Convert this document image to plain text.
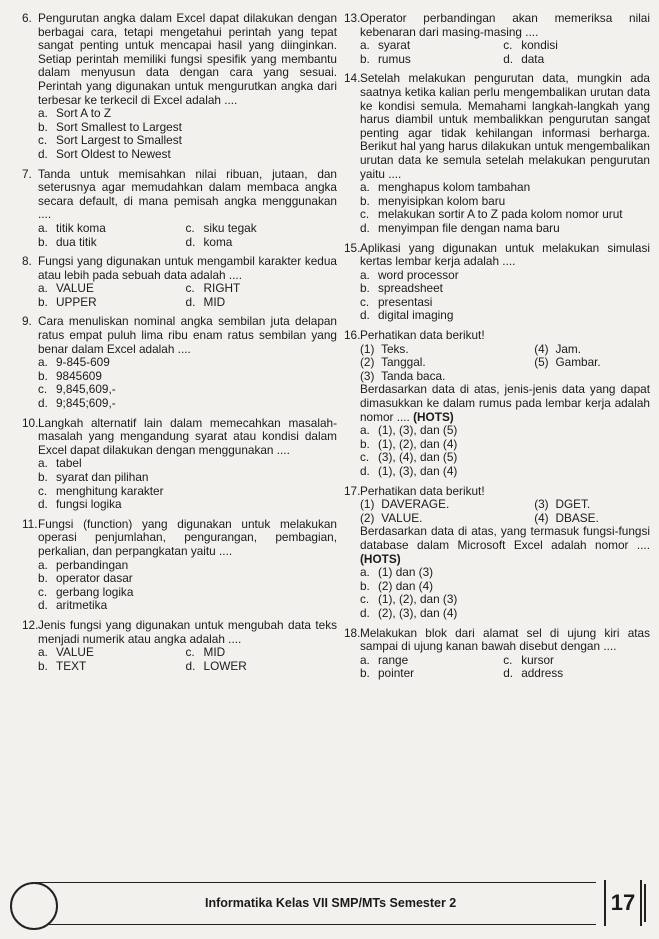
6. Pengurutan angka dalam Excel dapat dilakukan dengan berbagai cara, tetapi mengetahui perintah yang tepat sangat penting untuk mencapai hasil yang diinginkan. Setiap perintah memiliki fungsi spesifik yang membantu dalam menyusun data dengan cara yang sesuai. Perintah yang digunakan untuk mengurutkan angka dari terbesar ke terkecil di Excel adalah ....
a. Sort A to Z
b. Sort Smallest to Largest
c. Sort Largest to Smallest
d. Sort Oldest to Newest
7. Tanda untuk memisahkan nilai ribuan, jutaan, dan seterusnya agar memudahkan dalam membaca angka secara default, di mana pemisah angka menggunakan ....
a. titik koma	c. siku tegak
b. dua titik	d. koma
8. Fungsi yang digunakan untuk mengambil karakter kedua atau lebih pada sebuah data adalah ....
a. VALUE	c. RIGHT
b. UPPER	d. MID
9. Cara menuliskan nominal angka sembilan juta delapan ratus empat puluh lima ribu enam ratus sembilan yang benar dalam Excel adalah ....
a. 9-845-609
b. 9845609
c. 9,845,609,-
d. 9;845;609,-
10.Langkah alternatif lain dalam memecahkan masalah-masalah yang mengandung syarat atau kondisi dalam Excel dapat dilakukan dengan menggunakan ....
a. tabel
b. syarat dan pilihan
c. menghitung karakter
d. fungsi logika
11.Fungsi (function) yang digunakan untuk melakukan operasi penjumlahan, pengurangan, pembagian, perkalian, dan perpangkatan yaitu ....
a. perbandingan
b. operator dasar
c. gerbang logika
d. aritmetika
12.Jenis fungsi yang digunakan untuk mengubah data teks menjadi numerik atau angka adalah ....
a. VALUE	c. MID
b. TEXT	d. LOWER
13.Operator perbandingan akan memeriksa nilai kebenaran dari masing-masing ....
a. syarat	c. kondisi
b. rumus	d. data
14.Setelah melakukan pengurutan data, mungkin ada saatnya ketika kalian perlu mengembalikan urutan data ke kondisi semula. Memahami langkah-langkah yang harus diambil untuk membalikkan pengurutan sangat penting agar tidak kehilangan informasi berharga. Berikut hal yang harus dilakukan untuk mengembalikan urutan data ke semula setelah melakukan pengurutan yaitu ....
a. menghapus kolom tambahan
b. menyisipkan kolom baru
c. melakukan sortir A to Z pada kolom nomor urut
d. menyimpan file dengan nama baru
15.Aplikasi yang digunakan untuk melakukan simulasi kertas lembar kerja adalah ....
a. word processor
b. spreadsheet
c. presentasi
d. digital imaging
16.Perhatikan data berikut!
(1) Teks.	(4) Jam.
(2) Tanggal.	(5) Gambar.
(3) Tanda baca.
Berdasarkan data di atas, jenis-jenis data yang dapat dimasukkan ke dalam rumus pada lembar kerja adalah nomor .... (HOTS)
a. (1), (3), dan (5)
b. (1), (2), dan (4)
c. (3), (4), dan (5)
d. (1), (3), dan (4)
17.Perhatikan data berikut!
(1) DAVERAGE.	(3) DGET.
(2) VALUE.	(4) DBASE.
Berdasarkan data di atas, yang termasuk fungsi-fungsi database dalam Microsoft Excel adalah nomor .... (HOTS)
a. (1) dan (3)
b. (2) dan (4)
c. (1), (2), dan (3)
d. (2), (3), dan (4)
18.Melakukan blok dari alamat sel di ujung kiri atas sampai di ujung kanan bawah disebut dengan ....
a. range	c. kursor
b. pointer	d. address
Informatika Kelas VII SMP/MTs Semester 2	17
